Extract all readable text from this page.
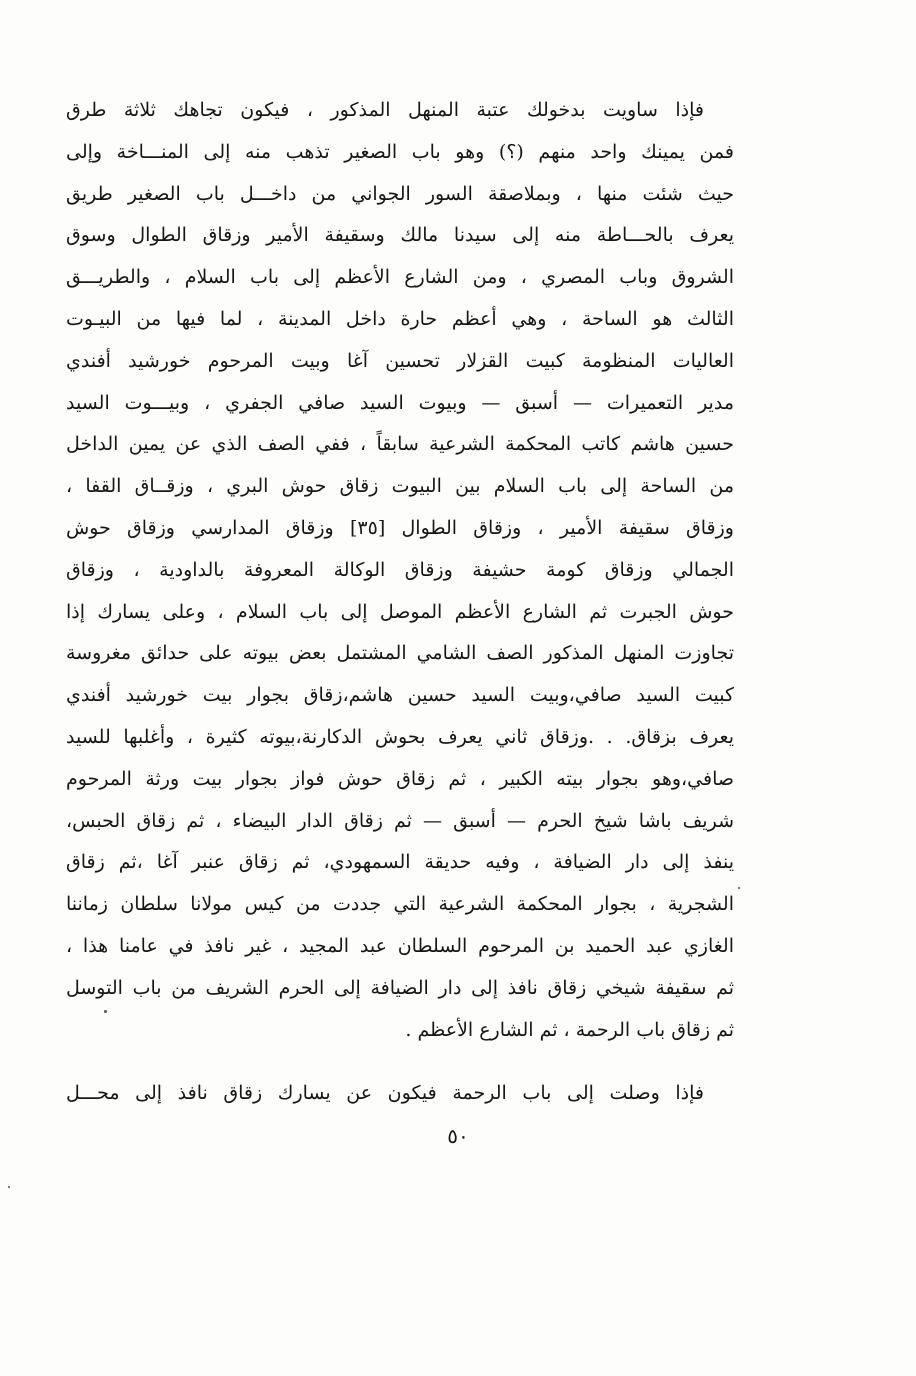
فإذا ساويت بدخولك عتبة المنهل المذكور ، فيكون تجاهك ثلاثة طرق
فمن يمينك واحد منهم (؟) وهو باب الصغير تذهب منه إلى المنـــاخة وإلى
حيث شئت منها ، وبملاصقة السور الجواني من داخـــل باب الصغير طريق
يعرف بالحـــاطة منه إلى سيدنا مالك وسقيفة الأمير وزقاق الطوال وسوق
الشروق وباب المصري ، ومن الشارع الأعظم إلى باب السلام ، والطريـــق
الثالث هو الساحة ، وهي أعظم حارة داخل المدينة ، لما فيها من البيـوت
العاليات المنظومة كبيت القزلار تحسين آغا وبيت المرحوم خورشيد أفندي
مدير التعميرات — أسبق — وبيوت السيد صافي الجفري ، وبيـــوت السيد
حسين هاشم كاتب المحكمة الشرعية سابقاً ، ففي الصف الذي عن يمين الداخل
من الساحة إلى باب السلام بين البيوت زقاق حوش البري ، وزقــاق القفا ،
وزقاق سقيفة الأمير ، وزقاق الطوال [٣٥] وزقاق المدارسي وزقاق حوش
الجمالي وزقاق كومة حشيفة وزقاق الوكالة المعروفة بالداودية ، وزقاق
حوش الجبرت ثم الشارع الأعظم الموصل إلى باب السلام ، وعلى يسارك إذا
تجاوزت المنهل المذكور الصف الشامي المشتمل بعض بيوته على حدائق مغروسة
كبيت السيد صافي،وبيت السيد حسين هاشم،زقاق بجوار بيت خورشيد أفندي
يعرف بزقاق. . .وزقاق ثاني يعرف بحوش الدكارنة،بيوته كثيرة ، وأغلبها للسيد
صافي،وهو بجوار بيته الكبير ، ثم زقاق حوش فواز بجوار بيت ورثة المرحوم
شريف باشا شيخ الحرم — أسبق — ثم زقاق الدار البيضاء ، ثم زقاق الحبس،
ينفذ إلى دار الضيافة ، وفيه حديقة السمهودي، ثم زقاق عنبر آغا ،ثم زقاق
الشجرية ، بجوار المحكمة الشرعية التي جددت من كيس مولانا سلطان زماننا
الغازي عبد الحميد بن المرحوم السلطان عبد المجيد ، غير نافذ في عامنا هذا ،
ثم سقيفة شيخي زقاق نافذ إلى دار الضيافة إلى الحرم الشريف من باب التوسل
ثم زقاق باب الرحمة ، ثم الشارع الأعظم .
فإذا وصلت إلى باب الرحمة فيكون عن يسارك زقاق نافذ إلى محـــل
٥٠
